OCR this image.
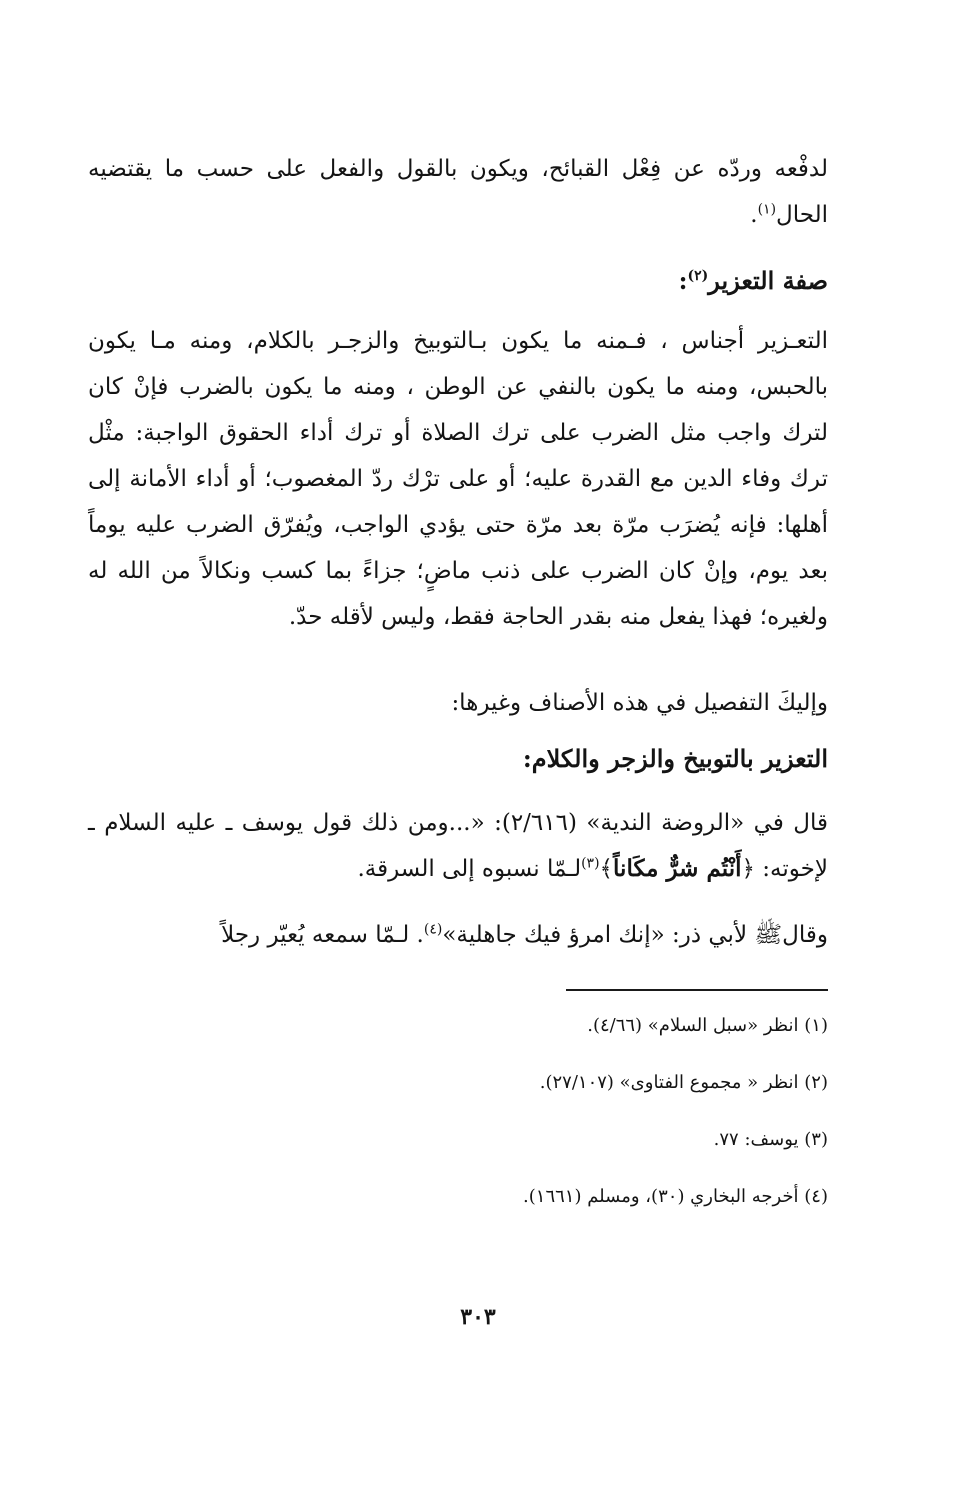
لدفْعه وردّه عن فِعْل القبائح، ويكون بالقول والفعل على حسب ما يقتضيه الحال$^{(١)}$.

صفة التعزير$^{(٢)}$:

التعـزير أجناس ، فـمنه ما يكون بـالتوبيخ والزجـر بالكلام، ومنه مـا يكون بالحبس، ومنه ما يكون بالنفي عن الوطن ، ومنه ما يكون بالضرب فإنْ كان لترك واجب مثل الضرب على ترك الصلاة أو ترك أداء الحقوق الواجبة: مثْل ترك وفاء الدين مع القدرة عليه؛ أو على ترْك ردّ المغصوب؛ أو أداء الأمانة إلى أهلها: فإنه يُضرَب مرّة بعد مرّة حتى يؤدي الواجب، ويُفرّق الضرب عليه يوماً بعد يوم، وإنْ كان الضرب على ذنب ماضٍ؛ جزاءً بما كسب ونكالاً من الله له ولغيره؛ فهذا يفعل منه بقدر الحاجة فقط، وليس لأقله حدّ.

وإليكَ التفصيل في هذه الأصناف وغيرها:

التعزير بالتوبيخ والزجر والكلام:

قال في «الروضة الندية» (٢/٦١٦): «...ومن ذلك قول يوسف ـ عليه السلام ـ لإخوته: ﴿أَنْتُم شرٌّ مكَاناً﴾$^{(٣)}$لـمّا نسبوه إلى السرقة.

وقالﷺ لأبي ذر: «إنك امرؤ فيك جاهلية»$^{(٤)}$. لـمّا سمعه يُعيّر رجلاً

(١) انظر «سبل السلام» (٤/٦٦).
(٢) انظر « مجموع الفتاوى» (٢٧/١٠٧).
(٣) يوسف: ٧٧.
(٤) أخرجه البخاري (٣٠)، ومسلم (١٦٦١).
٣٠٣
